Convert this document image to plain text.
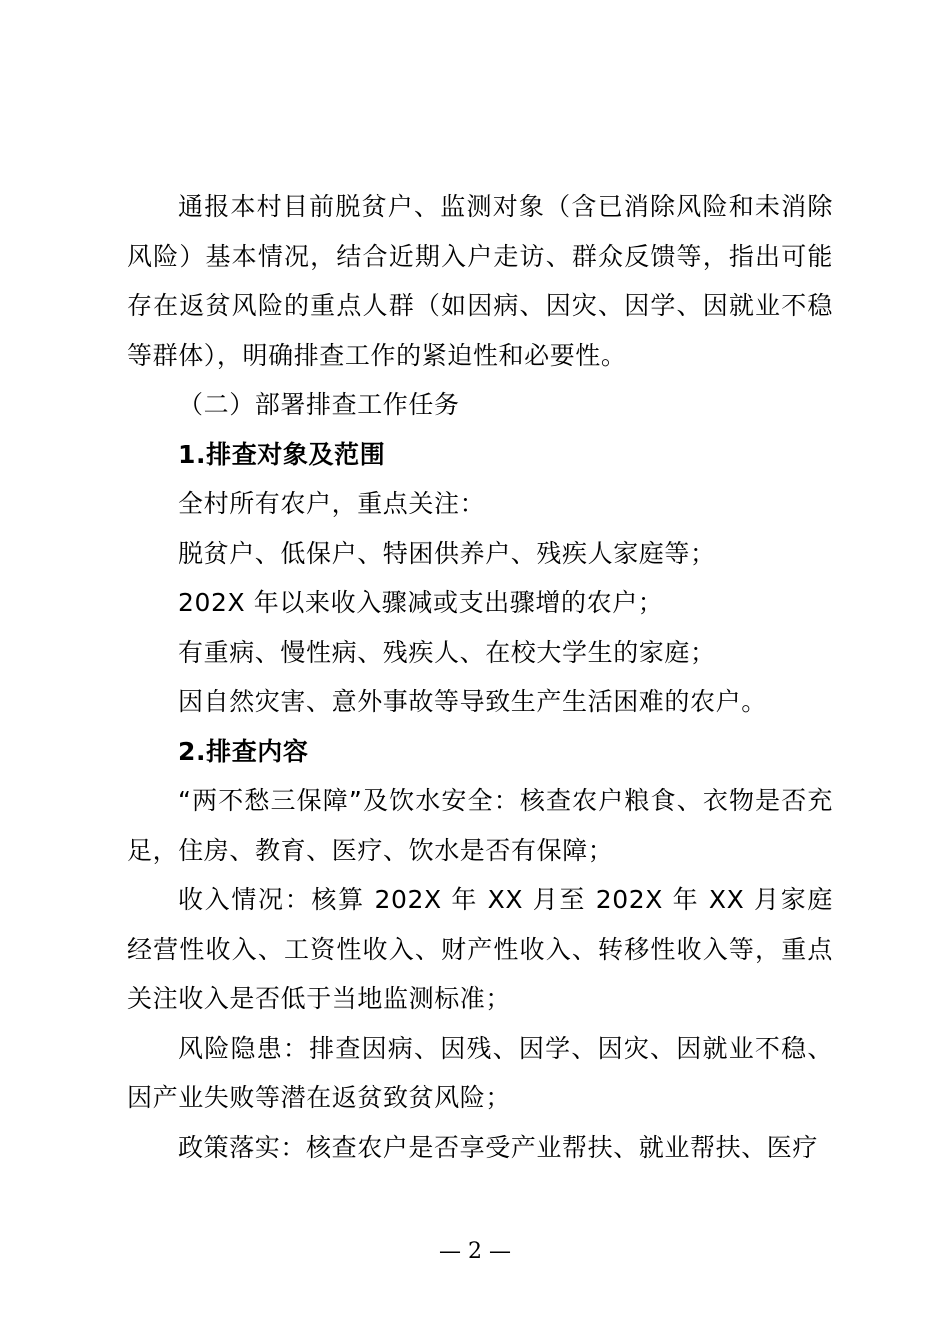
通报本村目前脱贫户、监测对象（含已消除风险和未消除风险）基本情况，结合近期入户走访、群众反馈等，指出可能存在返贫风险的重点人群（如因病、因灾、因学、因就业不稳等群体），明确排查工作的紧迫性和必要性。

（二）部署排查工作任务

1.排查对象及范围

全村所有农户，重点关注：

脱贫户、低保户、特困供养户、残疾人家庭等；

202X 年以来收入骤减或支出骤增的农户；

有重病、慢性病、残疾人、在校大学生的家庭；

因自然灾害、意外事故等导致生产生活困难的农户。

2.排查内容

“两不愁三保障”及饮水安全：核查农户粮食、衣物是否充足，住房、教育、医疗、饮水是否有保障；

收入情况：核算 202X 年 XX 月至 202X 年 XX 月家庭经营性收入、工资性收入、财产性收入、转移性收入等，重点关注收入是否低于当地监测标准；

风险隐患：排查因病、因残、因学、因灾、因就业不稳、因产业失败等潜在返贫致贫风险；

政策落实：核查农户是否享受产业帮扶、就业帮扶、医疗

— 2 —
